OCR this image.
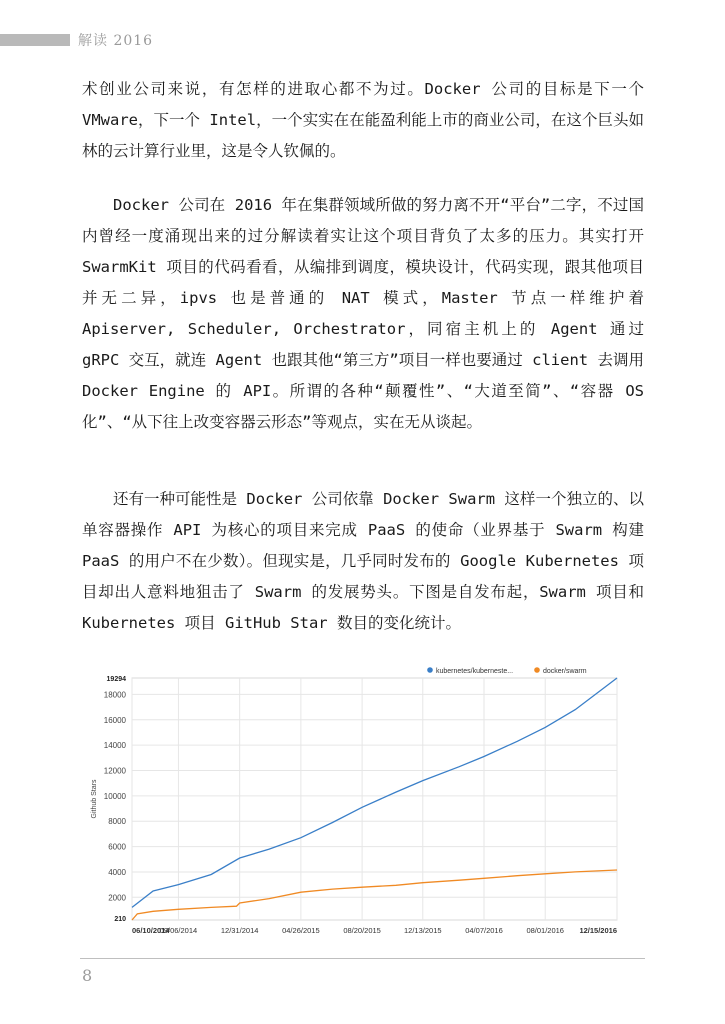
解读 2016

术创业公司来说，有怎样的进取心都不为过。Docker 公司的目标是下一个 VMware，下一个 Intel，一个实实在在能盈利能上市的商业公司，在这个巨头如林的云计算行业里，这是令人钦佩的。

Docker 公司在 2016 年在集群领域所做的努力离不开“平台”二字，不过国内曾经一度涌现出来的过分解读着实让这个项目背负了太多的压力。其实打开 SwarmKit 项目的代码看看，从编排到调度，模块设计，代码实现，跟其他项目并无二异，ipvs 也是普通的 NAT 模式，Master 节点一样维护着 Apiserver, Scheduler, Orchestrator，同宿主机上的 Agent 通过 gRPC 交互，就连 Agent 也跟其他“第三方”项目一样也要通过 client 去调用 Docker Engine 的 API。所谓的各种“颠覆性”、“大道至简”、“容器 OS 化”、“从下往上改变容器云形态”等观点，实在无从谈起。

还有一种可能性是 Docker 公司依靠 Docker Swarm 这样一个独立的、以单容器操作 API 为核心的项目来完成 PaaS 的使命（业界基于 Swarm 构建 PaaS 的用户不在少数）。但现实是，几乎同时发布的 Google Kubernetes 项目却出人意料地狙击了 Swarm 的发展势头。下图是自发布起，Swarm 项目和 Kubernetes 项目 GitHub Star 数目的变化统计。

2000
4000
6000
8000
10000
12000
14000
16000
18000
19294
210
06/10/2014
09/06/2014	12/31/2014	04/26/2015	08/20/2015	12/13/2015	04/07/2016	08/01/2016 12/15/2016
Github Stars
kubernetes/kuberneste...	docker/swarm
8
